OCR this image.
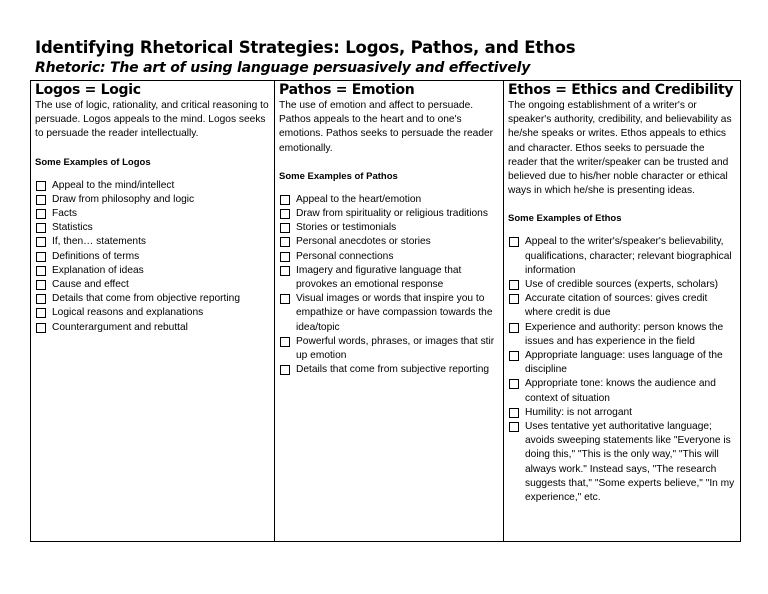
Identifying Rhetorical Strategies: Logos, Pathos, and Ethos
Rhetoric: The art of using language persuasively and effectively
Logos = Logic

The use of logic, rationality, and critical reasoning to persuade. Logos appeals to the mind. Logos seeks to persuade the reader intellectually.

Some Examples of Logos
Appeal to the mind/intellect
Draw from philosophy and logic
Facts
Statistics
If, then… statements
Definitions of terms
Explanation of ideas
Cause and effect
Details that come from objective reporting
Logical reasons and explanations
Counterargument and rebuttal

Pathos = Emotion

The use of emotion and affect to persuade. Pathos appeals to the heart and to one's emotions. Pathos seeks to persuade the reader emotionally.

Some Examples of Pathos
Appeal to the heart/emotion
Draw from spirituality or religious traditions
Stories or testimonials
Personal anecdotes or stories
Personal connections
Imagery and figurative language that provokes an emotional response
Visual images or words that inspire you to empathize or have compassion towards the idea/topic
Powerful words, phrases, or images that stir up emotion
Details that come from subjective reporting

Ethos = Ethics and Credibility

The ongoing establishment of a writer's or speaker's authority, credibility, and believability as he/she speaks or writes. Ethos appeals to ethics and character. Ethos seeks to persuade the reader that the writer/speaker can be trusted and believed due to his/her noble character or ethical ways in which he/she is presenting ideas.

Some Examples of Ethos
Appeal to the writer's/speaker's believability, qualifications, character; relevant biographical information
Use of credible sources (experts, scholars)
Accurate citation of sources: gives credit where credit is due
Experience and authority: person knows the issues and has experience in the field
Appropriate language: uses language of the discipline
Appropriate tone: knows the audience and context of situation
Humility: is not arrogant
Uses tentative yet authoritative language; avoids sweeping statements like "Everyone is doing this," "This is the only way," "This will always work." Instead says, "The research suggests that," "Some experts believe," "In my experience," etc.
